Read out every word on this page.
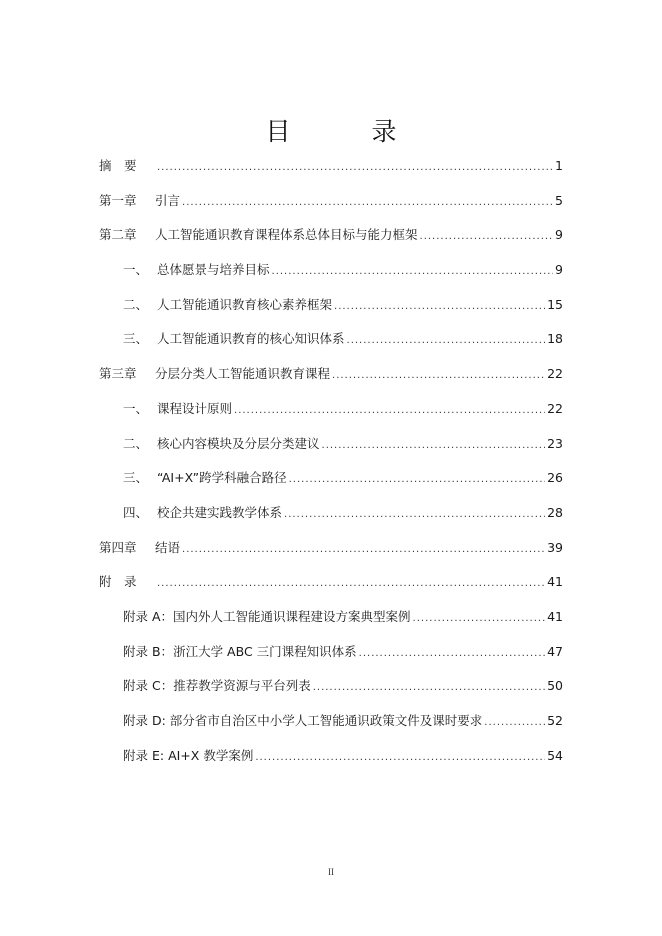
目　录
摘　要 .....	1
第一章 引言 .....	5
第二章 人工智能通识教育课程体系总体目标与能力框架 .....	9
一、 总体愿景与培养目标 .....	9
二、 人工智能通识教育核心素养框架 .....	15
三、 人工智能通识教育的核心知识体系 .....	18
第三章 分层分类人工智能通识教育课程 .....	22
一、 课程设计原则 .....	22
二、 核心内容模块及分层分类建议 .....	23
三、 “AI+X”跨学科融合路径 .....	26
四、 校企共建实践教学体系 .....	28
第四章 结语 .....	39
附　录 .....	41
附录 A：国内外人工智能通识课程建设方案典型案例 .....	41
附录 B：浙江大学 ABC 三门课程知识体系 .....	47
附录 C：推荐教学资源与平台列表 .....	50
附录 D: 部分省市自治区中小学人工智能通识政策文件及课时要求 .....	52
附录 E: AI+X 教学案例 .....	54
II
